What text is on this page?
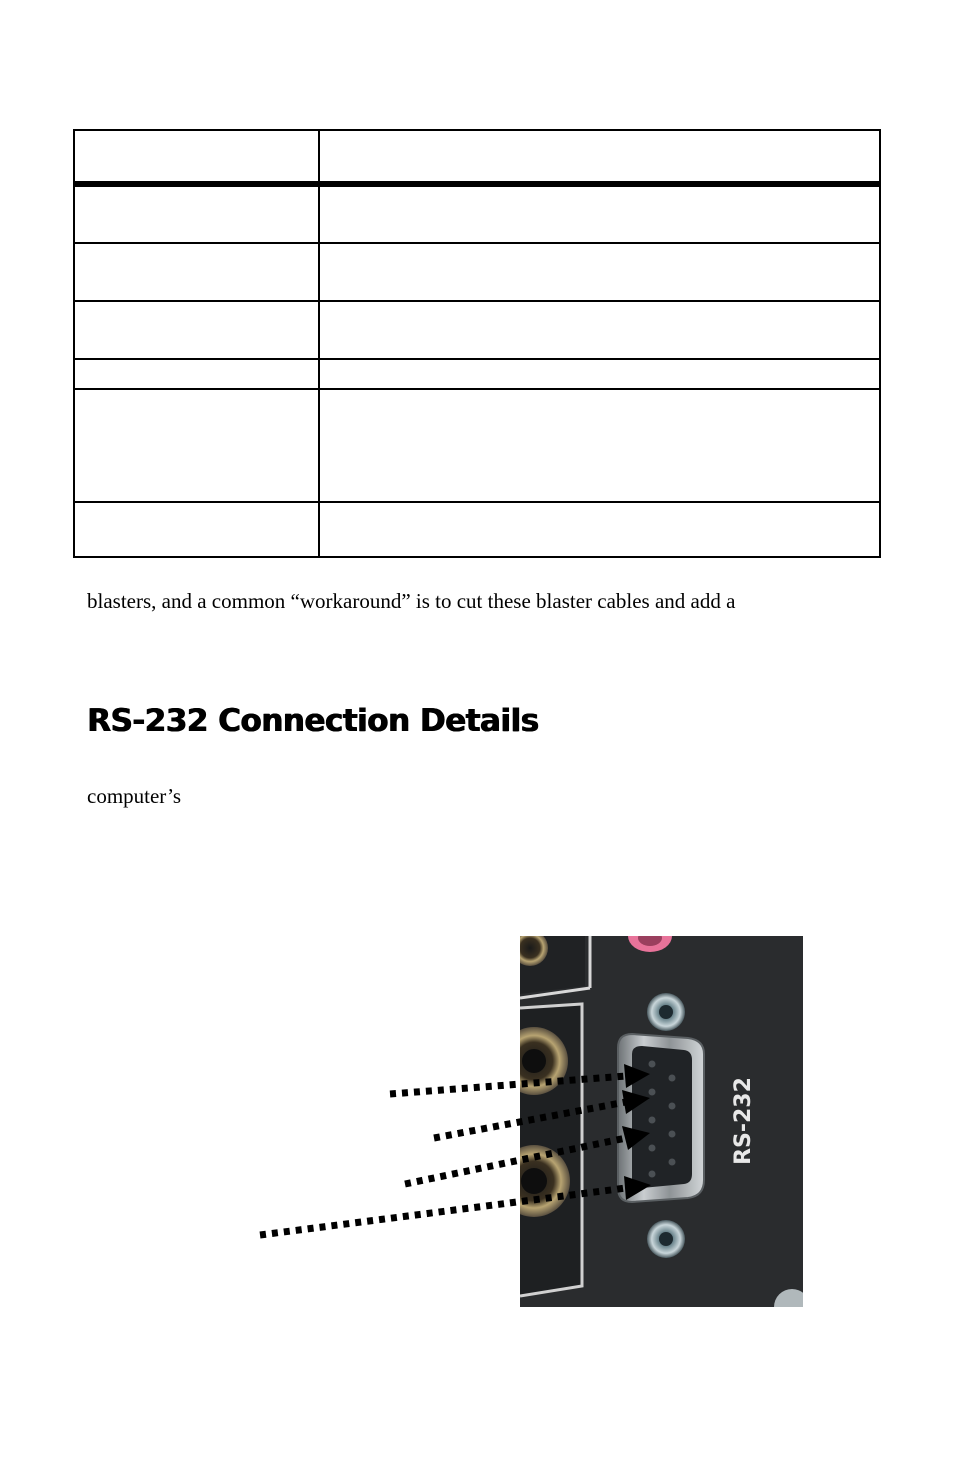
blasters, and a common “workaround” is to cut these blaster cables and add a
RS-232 Connection Details
computer’s
RS-232
